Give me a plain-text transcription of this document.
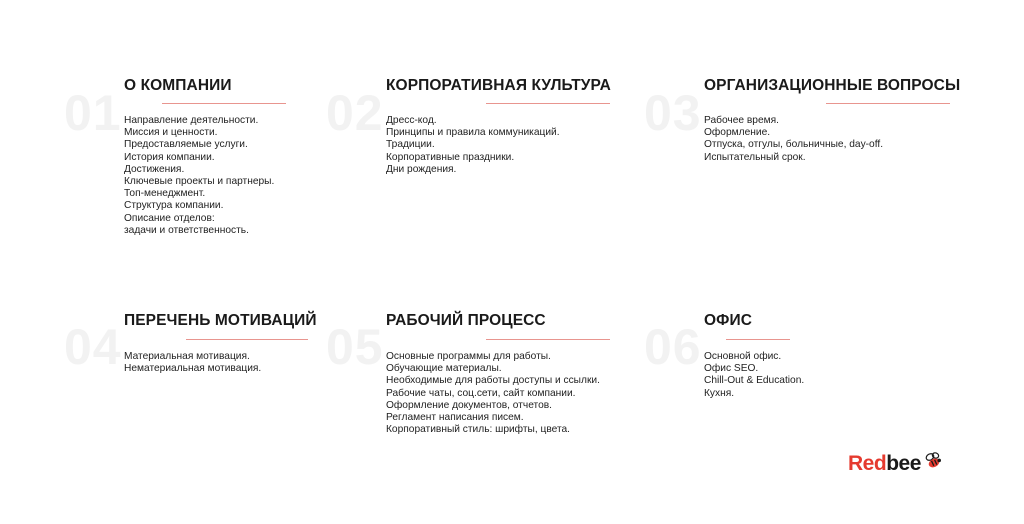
01 О КОМПАНИИ
Направление деятельности.
Миссия и ценности.
Предоставляемые услуги.
История компании.
Достижения.
Ключевые проекты и партнеры.
Топ-менеджмент.
Структура компании.
Описание отделов:
задачи и ответственность.
02 КОРПОРАТИВНАЯ КУЛЬТУРА
Дресс-код.
Принципы и правила коммуникаций.
Традиции.
Корпоративные праздники.
Дни рождения.
03 ОРГАНИЗАЦИОННЫЕ ВОПРОСЫ
Рабочее время.
Оформление.
Отпуска, отгулы, больничные, day-off.
Испытательный срок.
04 ПЕРЕЧЕНЬ МОТИВАЦИЙ
Материальная мотивация.
Нематериальная мотивация. 05 РАБОЧИЙ ПРОЦЕСС
Основные программы для работы.
Обучающие материалы.
Необходимые для работы доступы и ссылки.
Рабочие чаты, соц.сети, сайт компании.
Оформление документов, отчетов.
Регламент написания писем.
Корпоративный стиль: шрифты, цвета.
06 ОФИС
Основной офис.
Офис SEO.
Chill-Out & Education.
Кухня.
Redbee
